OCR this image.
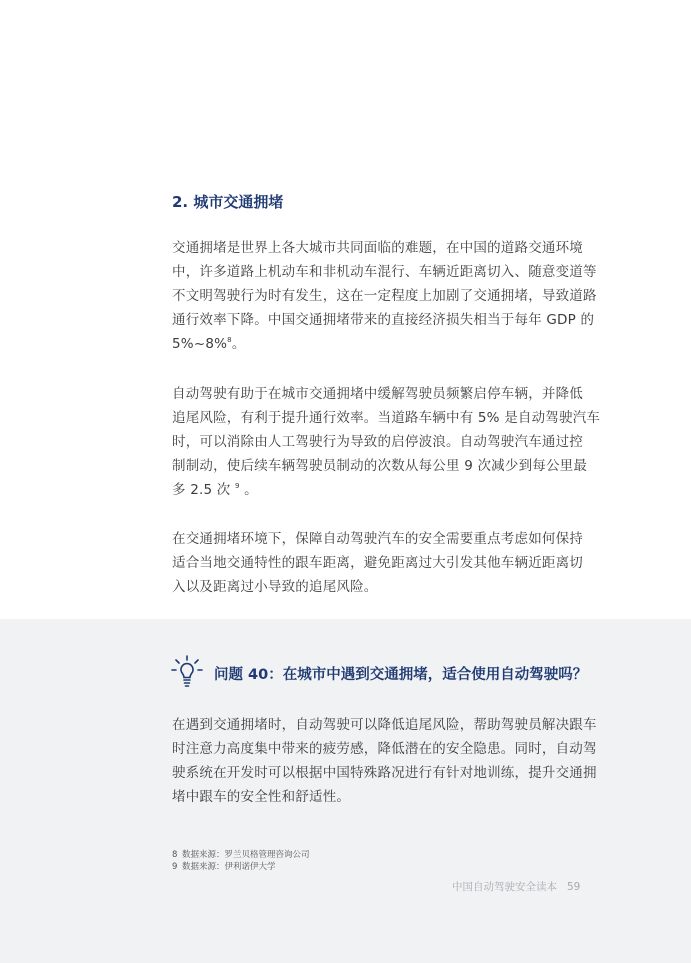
2. 城市交通拥堵

交通拥堵是世界上各大城市共同面临的难题，在中国的道路交通环境
中，许多道路上机动车和非机动车混行、车辆近距离切入、随意变道等
不文明驾驶行为时有发生，这在一定程度上加剧了交通拥堵，导致道路
通行效率下降。中国交通拥堵带来的直接经济损失相当于每年 GDP 的
5%~8%$^8$。

自动驾驶有助于在城市交通拥堵中缓解驾驶员频繁启停车辆，并降低
追尾风险，有利于提升通行效率。当道路车辆中有 5% 是自动驾驶汽车
时，可以消除由人工驾驶行为导致的启停波浪。自动驾驶汽车通过控
制制动，使后续车辆驾驶员制动的次数从每公里 9 次减少到每公里最
多 2.5 次 $^9$ 。

在交通拥堵环境下，保障自动驾驶汽车的安全需要重点考虑如何保持
适合当地交通特性的跟车距离，避免距离过大引发其他车辆近距离切
入以及距离过小导致的追尾风险。

问题 40：在城市中遇到交通拥堵，适合使用自动驾驶吗？

在遇到交通拥堵时，自动驾驶可以降低追尾风险，帮助驾驶员解决跟车
时注意力高度集中带来的疲劳感，降低潜在的安全隐患。同时，自动驾
驶系统在开发时可以根据中国特殊路况进行有针对地训练，提升交通拥
堵中跟车的安全性和舒适性。

8 数据来源：罗兰贝格管理咨询公司
9 数据来源：伊利诺伊大学
中国自动驾驶安全读本 59
